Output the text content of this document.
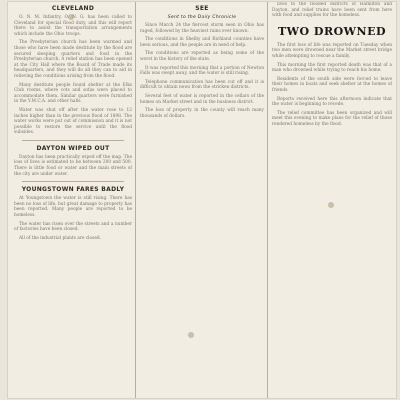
CLEVELAND

O. N. M. Infantry, O. N. G. has been called to Cleveland for special flood duty, and this will report there to assist the transportation arrangements which include the Ohio troops.

The Presbyterian church has been warmed and those who have been made destitute by the flood are secured sleeping quarters and food in the Presbyterian church. A relief station has been opened at the City Hall where the Board of Trade made its headquarters, and they will do all they can to aid in relieving the conditions arising from the flood.

Many destitute people found shelter at the Elks Club rooms, where cots and sofas were placed to accommodate them. Similar quarters were furnished in the Y.M.C.A. and other halls.

Water was shut off after the water rose to 12 inches higher than in the previous flood of 1898. The water works were put out of commission and it is not possible to restore the service until the flood subsides.

DAYTON WIPED OUT

Dayton has been practically wiped off the map. The loss of lives is estimated to be between 200 and 500. There is little food or water and the main streets of the city are under water.

YOUNGSTOWN FARES BADLY

At Youngstown the water is still rising. There has been no loss of life, but great damage to property has been reported. Many people are reported to be homeless.

The water has risen over the streets and a number of factories have been closed.

All of the industrial plants are closed.

SEE
Sent to the Daily Chronicle

Since March 24 the fiercest storm seen in Ohio has raged, followed by the heaviest rains ever known.

The conditions in Shelby and Richland counties have been serious, and the people are in need of help.

The conditions are reported as being some of the worst in the history of the state.

It was reported this morning that a portion of Newton Falls was swept away, and the water is still rising.

Telephone communication has been cut off and it is difficult to obtain news from the stricken districts.

Several feet of water is reported in the cellars of the homes on Market street and in the business district.

The loss of property in the county will reach many thousands of dollars.

lives to the flooded districts of Hamilton and Dayton, and relief trains have been sent from here with food and supplies for the homeless.

TWO DROWNED

The first loss of life was reported on Tuesday when two men were drowned near the Market street bridge while attempting to rescue a family.

This morning the first reported death was that of a man who drowned while trying to reach his home.

Residents of the south side were forced to leave their homes in boats and seek shelter at the homes of friends.

Reports received here this afternoon indicate that the water is beginning to recede.

The relief committee has been organized and will meet this evening to make plans for the relief of those rendered homeless by the flood.
